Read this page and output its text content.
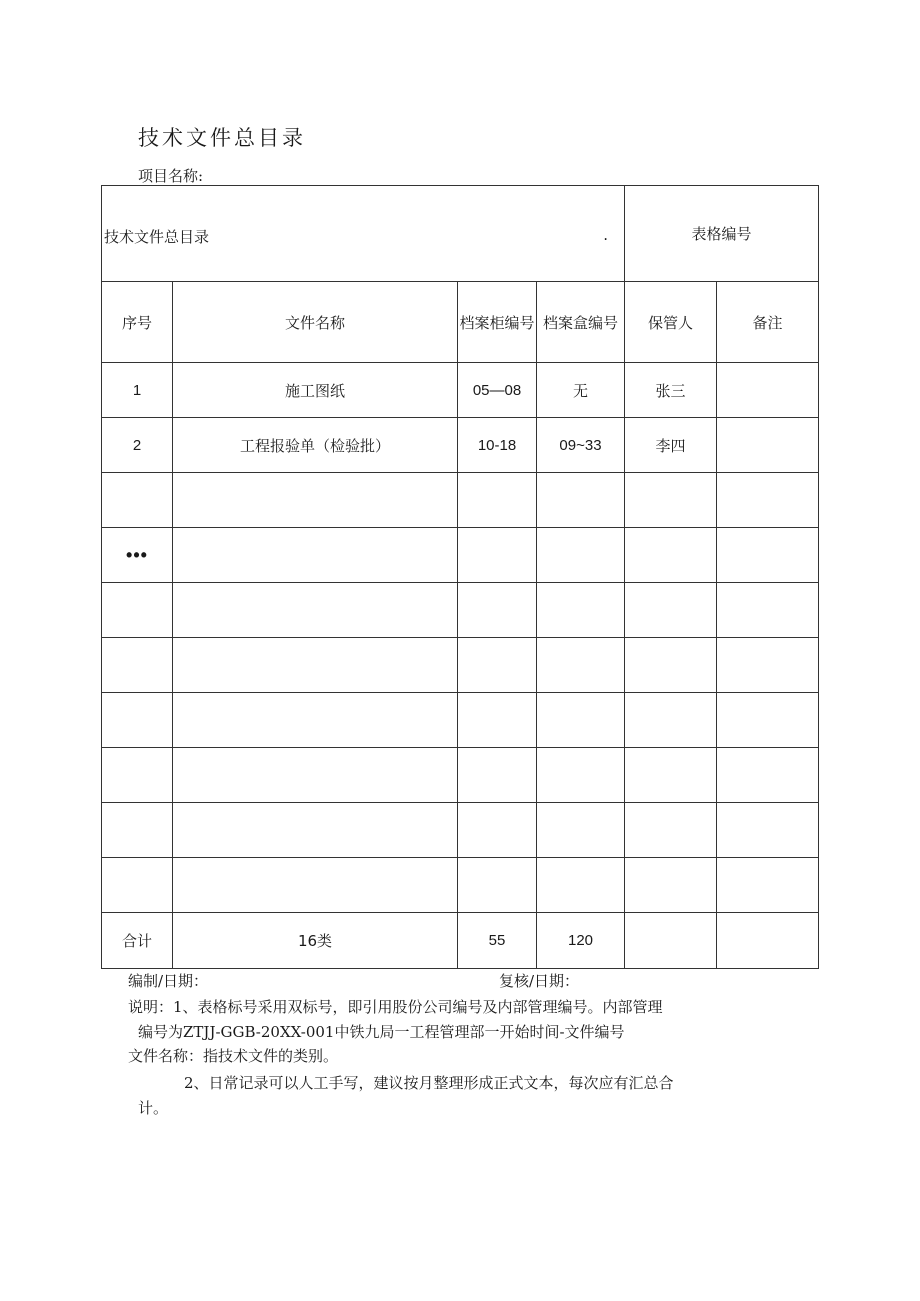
技术文件总目录
项目名称:
技术文件总目录 .				表格编号	
序号	文件名称	档案柜编号	档案盒编号	保管人	备注
1	施工图纸	05—08	无	张三	
2	工程报验单（检验批）	10-18	09~33	李四	

•••					

合计	16类	55	120		
编制/日期：	复核/日期：
说明：1、表格标号采用双标号，即引用股份公司编号及内部管理编号。内部管理
编号为ZTJJ-GGB-20XX-001中铁九局一工程管理部一开始时间-文件编号
文件名称：指技术文件的类别。
2、日常记录可以人工手写，建议按月整理形成正式文本，每次应有汇总合
计。
